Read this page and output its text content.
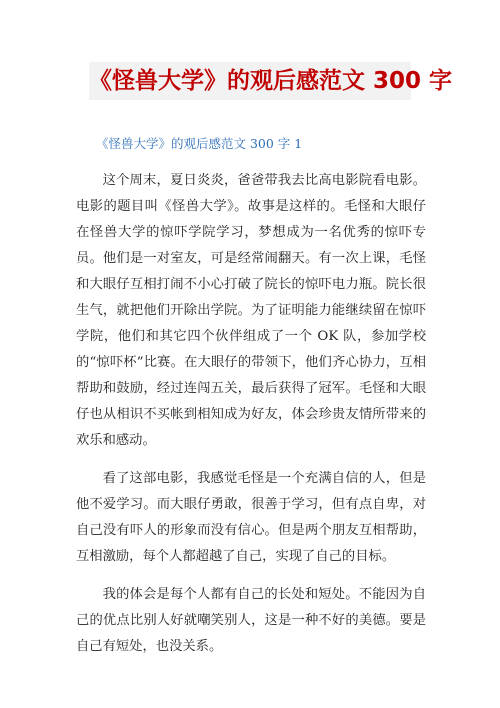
《怪兽大学》的观后感范文 300 字

《怪兽大学》的观后感范文 300 字 1

这个周末，夏日炎炎，爸爸带我去比高电影院看电影。电影的题目叫《怪兽大学》。故事是这样的。毛怪和大眼仔在怪兽大学的惊吓学院学习，梦想成为一名优秀的惊吓专员。他们是一对室友，可是经常闹翻天。有一次上课，毛怪和大眼仔互相打闹不小心打破了院长的惊吓电力瓶。院长很生气，就把他们开除出学院。为了证明能力能继续留在惊吓学院，他们和其它四个伙伴组成了一个 OK 队，参加学校的“惊吓杯”比赛。在大眼仔的带领下，他们齐心协力，互相帮助和鼓励，经过连闯五关，最后获得了冠军。毛怪和大眼仔也从相识不买帐到相知成为好友，体会珍贵友情所带来的欢乐和感动。

看了这部电影，我感觉毛怪是一个充满自信的人，但是他不爱学习。而大眼仔勇敢，很善于学习，但有点自卑，对自己没有吓人的形象而没有信心。但是两个朋友互相帮助，互相激励，每个人都超越了自己，实现了自己的目标。

我的体会是每个人都有自己的长处和短处。不能因为自己的优点比别人好就嘲笑别人，这是一种不好的美德。要是自己有短处，也没关系。
